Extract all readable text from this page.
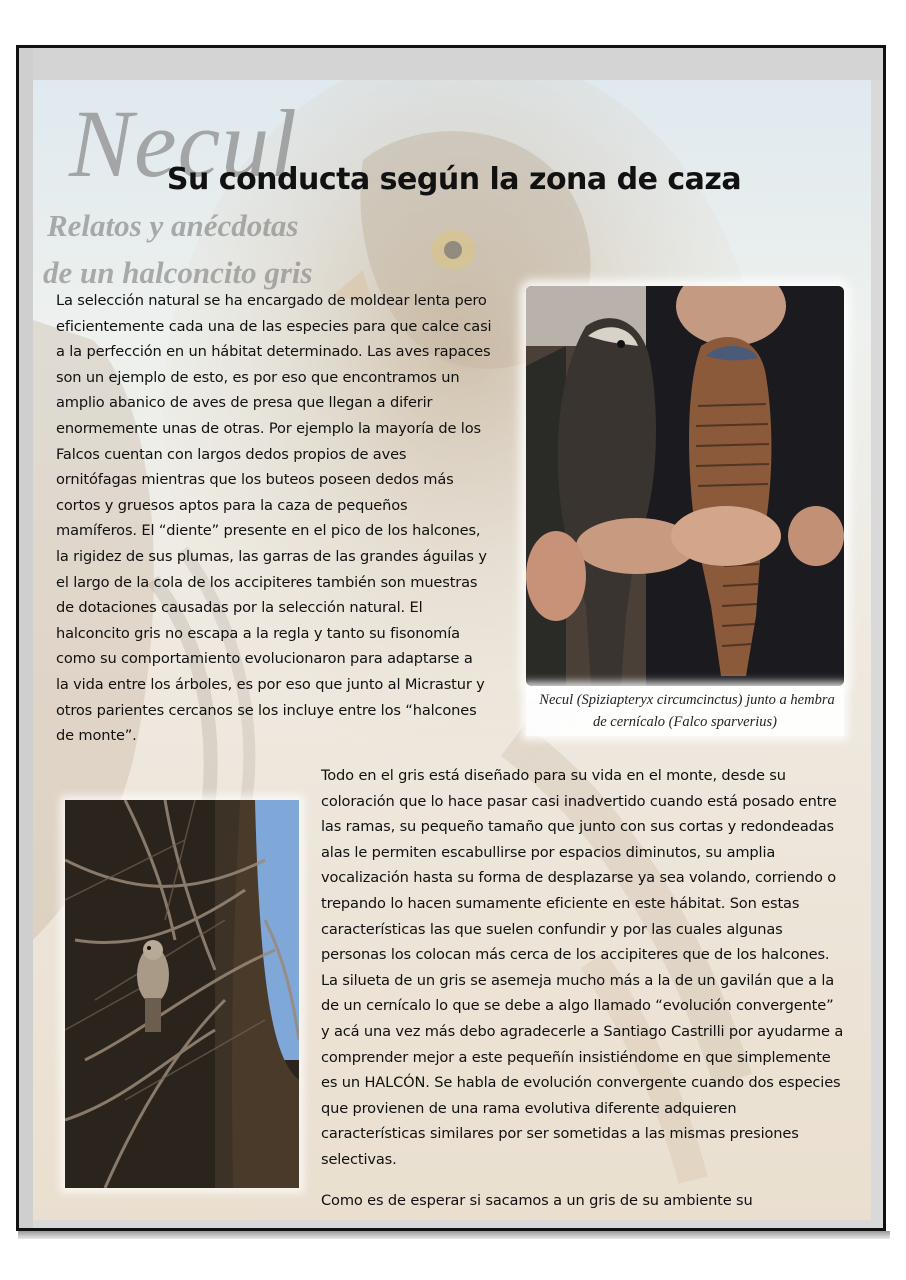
Necul
Relatos y anécdotas
de un halconcito gris
Su conducta según la zona de caza

La selección natural se ha encargado de moldear lenta pero
eficientemente cada una de las especies para que calce casi
a la perfección en un hábitat determinado. Las aves rapaces
son un ejemplo de esto, es por eso que encontramos un
amplio abanico de aves de presa que llegan a diferir
enormemente unas de otras. Por ejemplo la mayoría de los
Falcos cuentan con largos dedos propios de aves
ornitófagas mientras que los buteos poseen dedos más
cortos y gruesos aptos para la caza de pequeños
mamíferos. El “diente” presente en el pico de los halcones,
la rigidez de sus plumas, las garras de las grandes águilas y
el largo de la cola de los accipiteres también son muestras
de dotaciones causadas por la selección natural. El
halconcito gris no escapa a la regla y tanto su fisonomía
como su comportamiento evolucionaron para adaptarse a
la vida entre los árboles, es por eso que junto al Micrastur y
otros parientes cercanos se los incluye entre los “halcones
de monte”.

Necul (Spiziapteryx circumcinctus) junto a hembra
de cernícalo (Falco sparverius)

Todo en el gris está diseñado para su vida en el monte, desde su
coloración que lo hace pasar casi inadvertido cuando está posado entre
las ramas, su pequeño tamaño que junto con sus cortas y redondeadas
alas le permiten escabullirse por espacios diminutos, su amplia
vocalización hasta su forma de desplazarse ya sea volando, corriendo o
trepando lo hacen sumamente eficiente en este hábitat. Son estas
características las que suelen confundir y por las cuales algunas
personas los colocan más cerca de los accipiteres que de los halcones.
La silueta de un gris se asemeja mucho más a la de un gavilán que a la
de un cernícalo lo que se debe a algo llamado “evolución convergente”
y acá una vez más debo agradecerle a Santiago Castrilli por ayudarme a
comprender mejor a este pequeñín insistiéndome en que simplemente
es un HALCÓN. Se habla de evolución convergente cuando dos especies
que provienen de una rama evolutiva diferente adquieren
características similares por ser sometidas a las mismas presiones
selectivas.

Como es de esperar si sacamos a un gris de su ambiente su
